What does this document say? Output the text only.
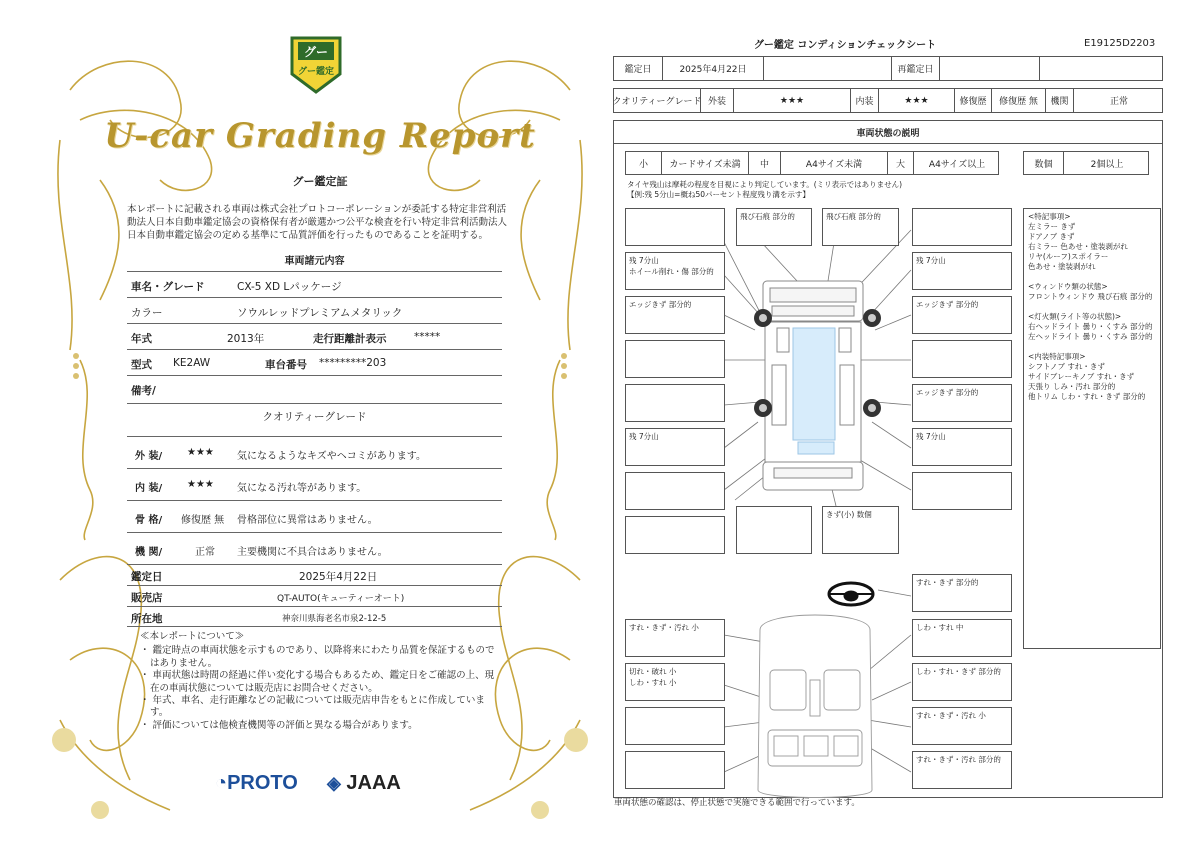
グー
グー鑑定
U-car Grading Report
グー鑑定証
本レポートに記載される車両は株式会社プロトコーポレーションが委託する特定非営利活動法人日本自動車鑑定協会の資格保有者が厳選かつ公平な検査を行い特定非営利活動法人日本自動車鑑定協会の定める基準にて品質評価を行ったものであることを証明する。
車両諸元内容
車名・グレード	CX-5 XD Lパッケージ
カラー	ソウルレッドプレミアムメタリック
年式	2013年	走行距離計表示	*****
型式 KE2AW	車台番号 *********203
備考/
クオリティーグレード
外 装/ ★★★ 気になるようなキズやヘコミがあります。
内 装/ ★★★ 気になる汚れ等があります。
骨 格/ 修復歴 無 骨格部位に異常はありません。
機 関/	正常 主要機関に不具合はありません。
鑑定日	2025年4月22日
販売店	QT-AUTO(キューティーオート)
所在地	神奈川県海老名市泉2-12-5
≪本レポートについて≫
・ 鑑定時点の車両状態を示すものであり、以降将来にわたり品質を保証するものではありません。
・ 車両状態は時間の経過に伴い変化する場合もあるため、鑑定日をご確認の上、現在の車両状態については販売店にお問合せください。
・ 年式、車名、走行距離などの記載については販売店申告をもとに作成しています。
・ 評価については他検査機関等の評価と異なる場合があります。
◔PROTO ◈ JAAA
グー鑑定 コンディションチェックシート	E19125D2203
鑑定日	2025年4月22日	再鑑定日
クオリティーグレード 外装	★★★	内装	★★★	修復歴	修復歴 無	機関	正常
車両状態の説明
小	カードサイズ未満	中	A4サイズ未満	大	A4サイズ以上	数個	2個以上
タイヤ残山は摩耗の程度を目視により判定しています。(ミリ表示ではありません)
【例:残 5分山=概ね50パーセント程度残り溝を示す】
飛び石痕 部分的	飛び石痕 部分的
残 7分山
ホイール削れ・傷 部分的
エッジきず 部分的
残 7分山
きず(小) 数個
残 7分山
エッジきず 部分的
エッジきず 部分的
残 7分山
すれ・きず 部分的
すれ・きず・汚れ 小
切れ・破れ 小
しわ・すれ 小
しわ・すれ 中
しわ・すれ・きず 部分的
すれ・きず・汚れ 小
すれ・きず・汚れ 部分的
<特記事項>
左ミラー きず
ドアノブ きず
右ミラー 色あせ・塗装剥がれ
リヤ(ルーフ)スポイラー
色あせ・塗装剥がれ
<ウィンドウ類の状態>
フロントウィンドウ 飛び石痕 部分的
<灯火類(ライト等の状態)>
右ヘッドライト 曇り・くすみ 部分的
左ヘッドライト 曇り・くすみ 部分的
<内装特記事項>
シフトノブ すれ・きず
サイドブレーキノブ すれ・きず
天張り しみ・汚れ 部分的
他トリム しわ・すれ・きず 部分的
車両状態の確認は、停止状態で実施できる範囲で行っています。
